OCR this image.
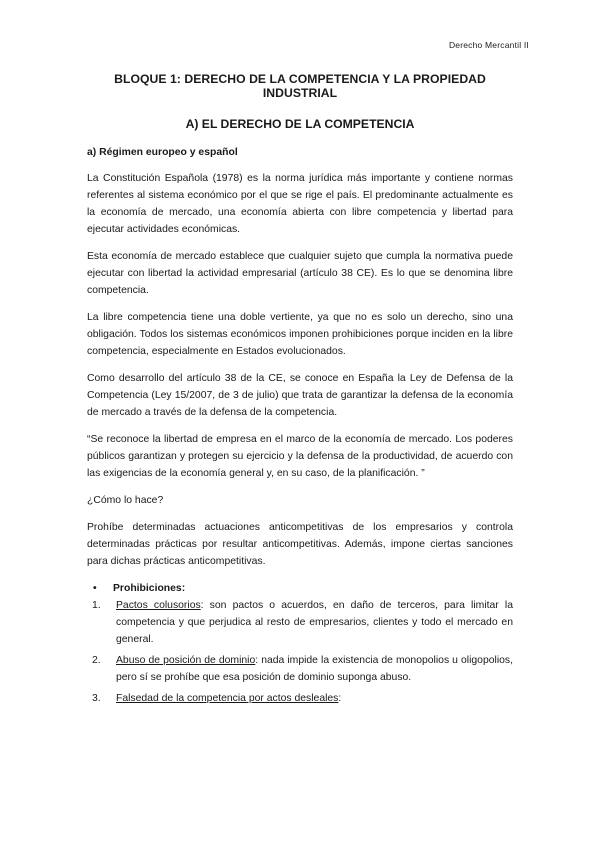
Derecho Mercantil II
BLOQUE 1: DERECHO DE LA COMPETENCIA Y LA PROPIEDAD INDUSTRIAL
A) EL DERECHO DE LA COMPETENCIA
a) Régimen europeo y español

La Constitución Española (1978) es la norma jurídica más importante y contiene normas referentes al sistema económico por el que se rige el país. El predominante actualmente es la economía de mercado, una economía abierta con libre competencia y libertad para ejecutar actividades económicas.

Esta economía de mercado establece que cualquier sujeto que cumpla la normativa puede ejecutar con libertad la actividad empresarial (artículo 38 CE). Es lo que se denomina libre competencia.

La libre competencia tiene una doble vertiente, ya que no es solo un derecho, sino una obligación. Todos los sistemas económicos imponen prohibiciones porque inciden en la libre competencia, especialmente en Estados evolucionados.

Como desarrollo del artículo 38 de la CE, se conoce en España la Ley de Defensa de la Competencia (Ley 15/2007, de 3 de julio) que trata de garantizar la defensa de la economía de mercado a través de la defensa de la competencia.

“Se reconoce la libertad de empresa en el marco de la economía de mercado. Los poderes públicos garantizan y protegen su ejercicio y la defensa de la productividad, de acuerdo con las exigencias de la economía general y, en su caso, de la planificación. ”

¿Cómo lo hace?

Prohíbe determinadas actuaciones anticompetitivas de los empresarios y controla determinadas prácticas por resultar anticompetitivas. Además, impone ciertas sanciones para dichas prácticas anticompetitivas.

•	Prohibiciones:
1.	Pactos colusorios: son pactos o acuerdos, en daño de terceros, para limitar la competencia y que perjudica al resto de empresarios, clientes y todo el mercado en general.
2.	Abuso de posición de dominio: nada impide la existencia de monopolios u oligopolios, pero sí se prohíbe que esa posición de dominio suponga abuso.
3.	Falsedad de la competencia por actos desleales:
